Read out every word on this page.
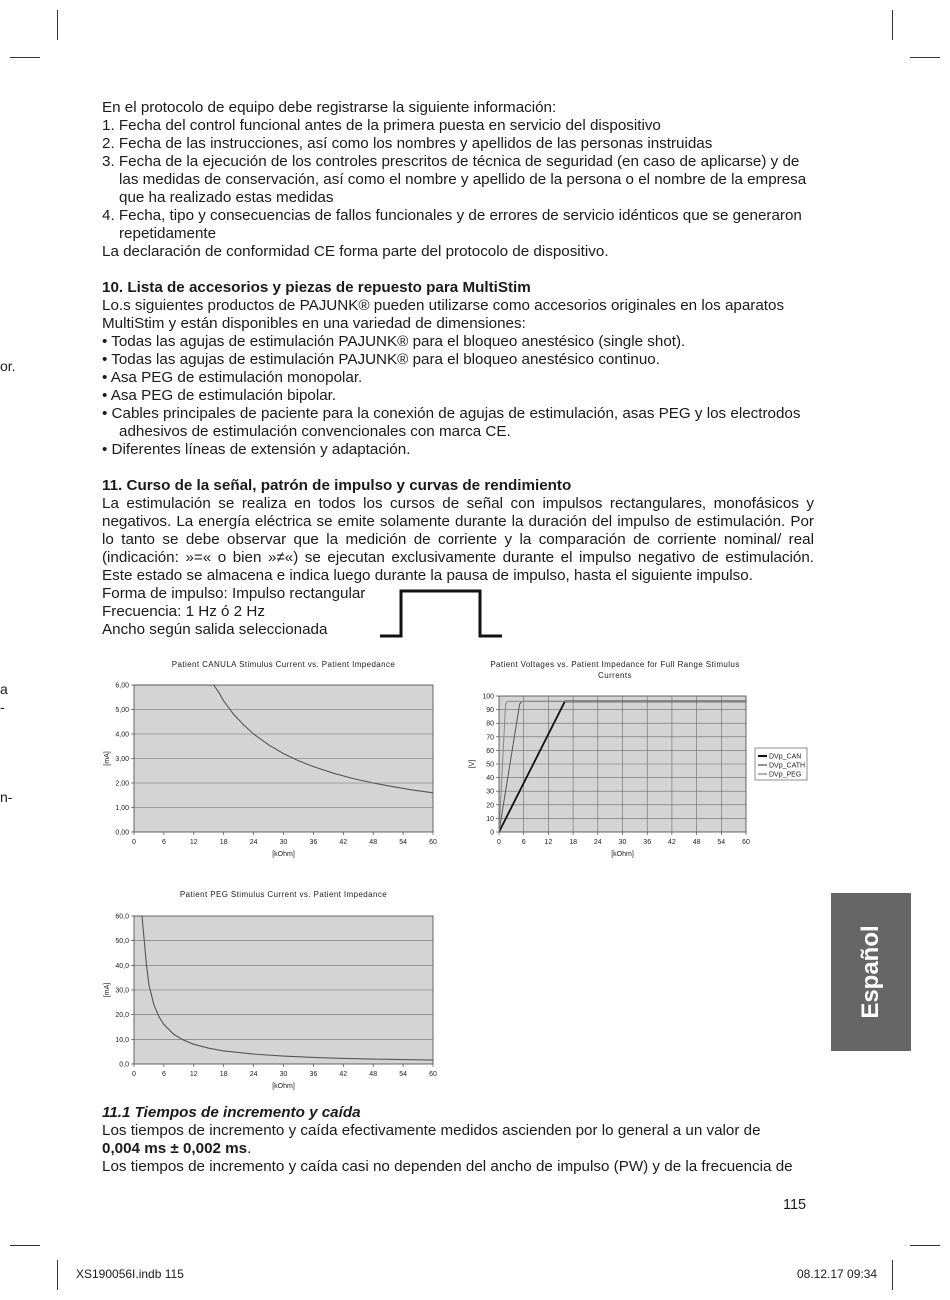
or.
a
-
n-

En el protocolo de equipo debe registrarse la siguiente información:

1. Fecha del control funcional antes de la primera puesta en servicio del dispositivo

2. Fecha de las instrucciones, así como los nombres y apellidos de las personas instruidas

3. Fecha de la ejecución de los controles prescritos de técnica de seguridad (en caso de aplicarse) y de las medidas de conservación, así como el nombre y apellido de la persona o el nombre de la empresa que ha realizado estas medidas

4. Fecha, tipo y consecuencias de fallos funcionales y de errores de servicio idénticos que se generaron repetidamente

La declaración de conformidad CE forma parte del protocolo de dispositivo.

10. Lista de accesorios y piezas de repuesto para MultiStim

Lo.s siguientes productos de PAJUNK® pueden utilizarse como accesorios originales en los aparatos MultiStim y están disponibles en una variedad de dimensiones:

• Todas las agujas de estimulación PAJUNK® para el bloqueo anestésico (single shot).

• Todas las agujas de estimulación PAJUNK® para el bloqueo anestésico continuo.

• Asa PEG de estimulación monopolar.

• Asa PEG de estimulación bipolar.

• Cables principales de paciente para la conexión de agujas de estimulación, asas PEG y los electrodos adhesivos de estimulación convencionales con marca CE.

• Diferentes líneas de extensión y adaptación.

11. Curso de la señal, patrón de impulso y curvas de rendimiento

La estimulación se realiza en todos los cursos de señal con impulsos rectangulares, monofásicos y negativos. La energía eléctrica se emite solamente durante la duración del impulso de estimulación. Por lo tanto se debe observar que la medición de corriente y la comparación de corriente nominal/ real (indicación: »=« o bien »≠«) se ejecutan exclusivamente durante el impulso negativo de estimulación. Este estado se almacena e indica luego durante la pausa de impulso, hasta el siguiente impulso.

Forma de impulso: Impulso rectangular

Frecuencia: 1 Hz ó 2 Hz

Ancho según salida seleccionada

Patient CANULA Stimulus Current vs. Patient Impedance
0,00
1,00
2,00
3,00
4,00
5,00
6,00
0	6	12	18	24	30	36	42	48	54	60
[kOhm]
[mA]
Patient Voltages vs. Patient Impedance for Full Range Stimulus Currents
0
10
20
30
40
50
60
70
80
90
100
0	6	12 18 24 30 36 42 48 54 60
[kOhm]
[V]
DVp_CAN
DVp_CATH
DVp_PEG
Patient PEG Stimulus Current vs. Patient Impedance
0,0
10,0
20,0
30,0
40,0
50,0
60,0
0	6	12	18	24	30	36	42	48	54	60
[kOhm]
[mA]

11.1 Tiempos de incremento y caída

Los tiempos de incremento y caída efectivamente medidos ascienden por lo general a un valor de

0,004 ms ± 0,002 ms.

Los tiempos de incremento y caída casi no dependen del ancho de impulso (PW) y de la frecuencia de

Español
115
XS190056I.indb 115	08.12.17 09:34
